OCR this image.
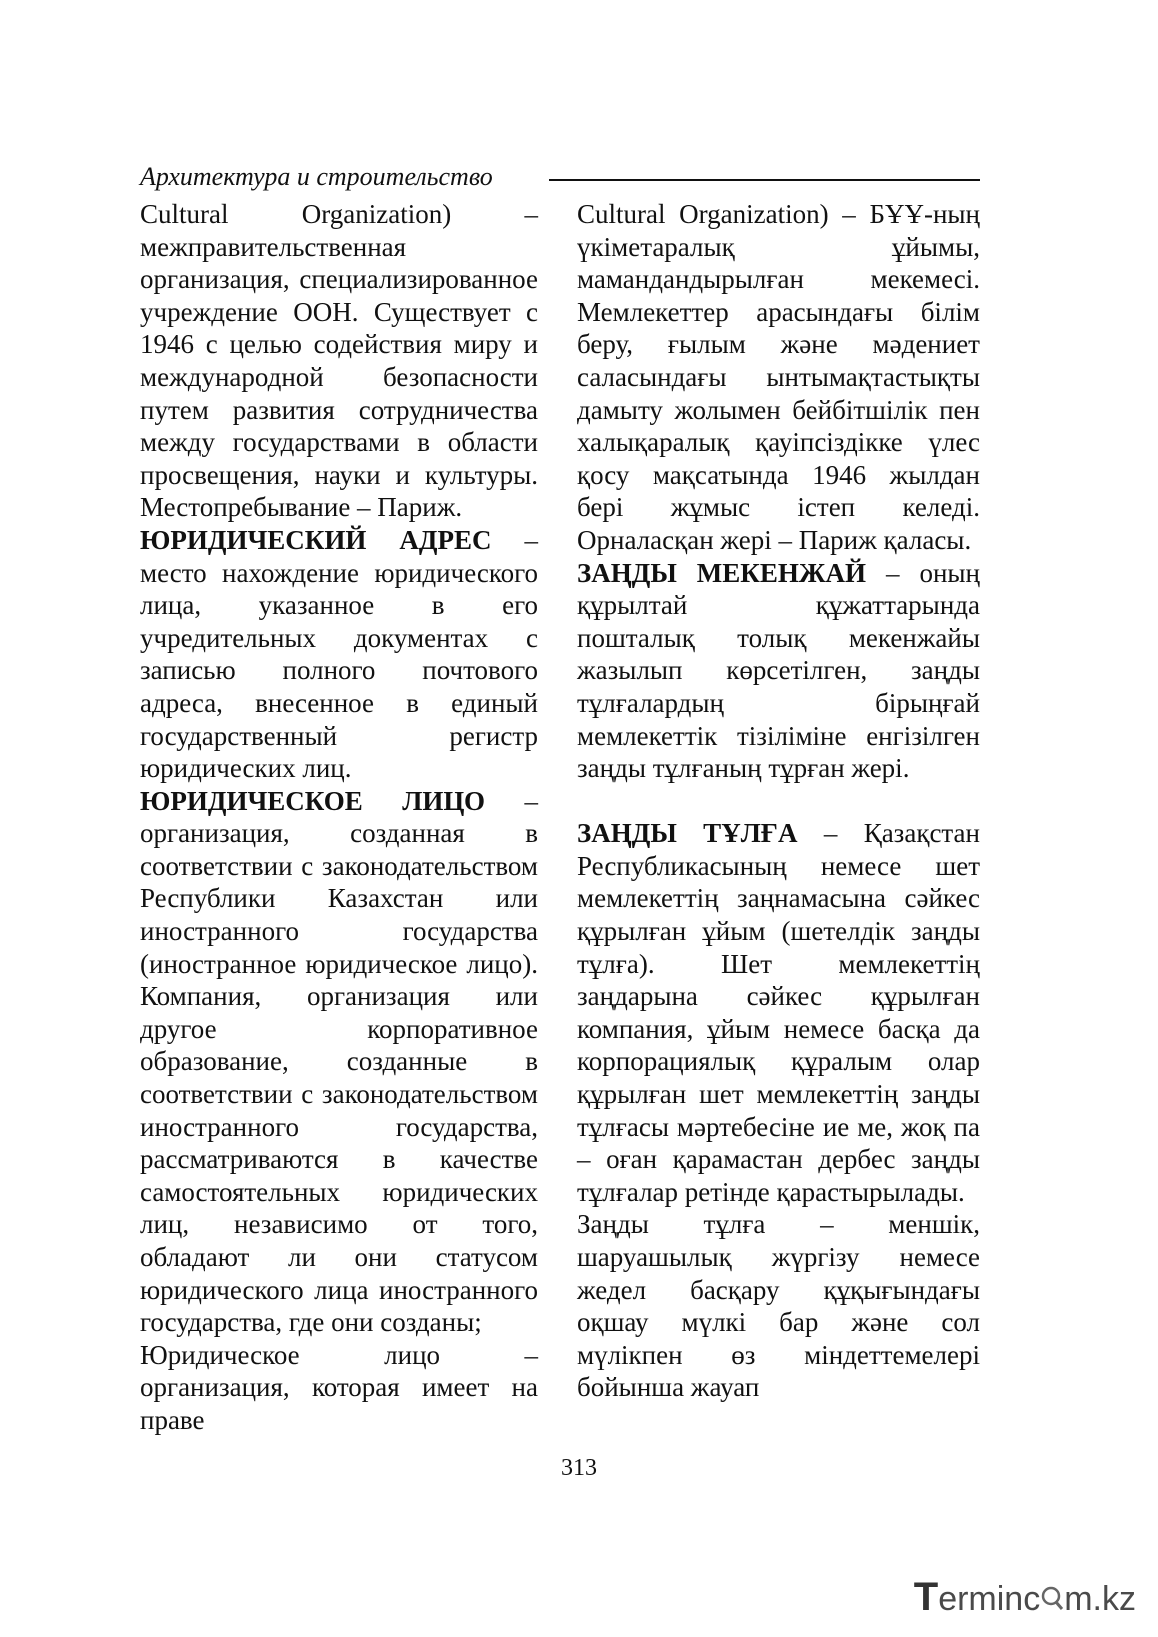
Архитектура и строительство

Cultural Organization) – межправительственная организация, специализированное учреждение ООН. Существует с 1946 с целью содействия миру и международной безопасности путем развития сотрудничества между государствами в области просвещения, науки и культуры. Местопребывание – Париж.

ЮРИДИЧЕСКИЙ АДРЕС – место нахождение юридического лица, указанное в его учредительных документах с записью полного почтового адреса, внесенное в единый государственный регистр юридических лиц.

ЮРИДИЧЕСКОЕ ЛИЦО – организация, созданная в соответствии с законодательством Республики Казахстан или иностранного государства (иностранное юридическое лицо). Компания, организация или другое корпоративное образование, созданные в соответствии с законодательством иностранного государства, рассматриваются в качестве самостоятельных юридических лиц, независимо от того, обладают ли они статусом юридического лица иностранного государства, где они созданы;

Юридическое лицо – организация, которая имеет на праве

Cultural Organization) – БҰҰ-ның үкіметаралық ұйымы, мамандандырылған мекемесі. Мемлекеттер арасындағы білім беру, ғылым және мәдениет саласындағы ынтымақтастықты дамыту жолымен бейбітшілік пен халықаралық қауіпсіздікке үлес қосу мақсатында 1946 жылдан бері жұмыс істеп келеді. Орналасқан жері – Париж қаласы.

ЗАҢДЫ МЕКЕНЖАЙ – оның құрылтай құжаттарында пошталық толық мекенжайы жазылып көрсетілген, заңды тұлғалардың бірыңғай мемлекеттік тізіліміне енгізілген заңды тұлғаның тұрған жері.

ЗАҢДЫ ТҰЛҒА – Қазақстан Республикасының немесе шет мемлекеттің заңнамасына сәйкес құрылған ұйым (шетелдік заңды тұлға). Шет мемлекеттің заңдарына сәйкес құрылған компания, ұйым немесе басқа да корпорациялық құралым олар құрылған шет мемлекеттің заңды тұлғасы мәртебесіне ие ме, жоқ па – оған қарамастан дербес заңды тұлғалар ретінде қарастырылады.

Заңды тұлға – меншік, шаруашылық жүргізу немесе жедел басқару құқығындағы оқшау мүлкі бар және сол мүлікпен өз міндеттемелері бойынша жауап

313
Terminc m.kz
